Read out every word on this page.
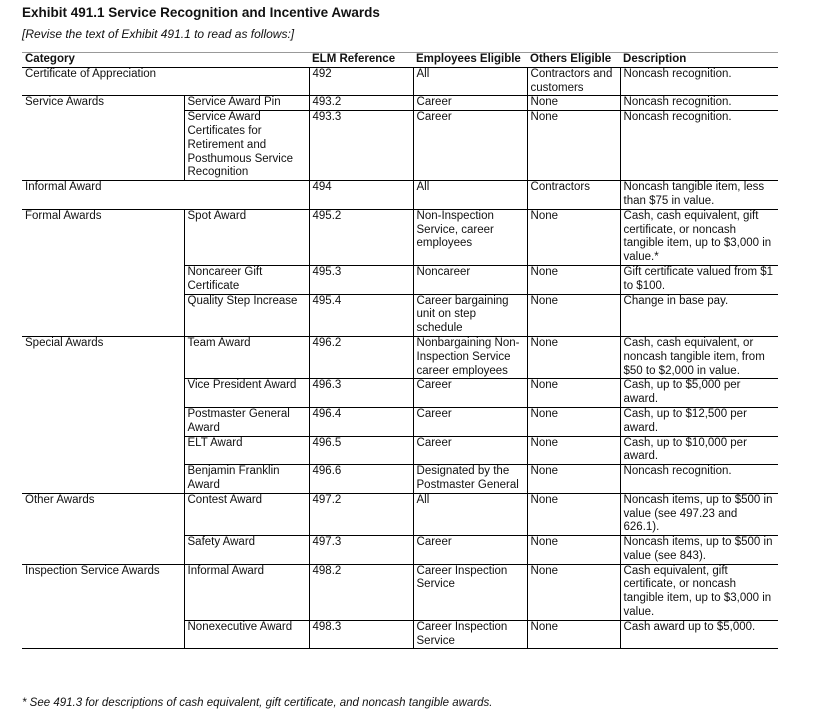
Exhibit 491.1 Service Recognition and Incentive Awards
[Revise the text of Exhibit 491.1 to read as follows:]
Category		ELM Reference	Employees Eligible	Others Eligible	Description
Certificate of Appreciation		492	All	Contractors and customers	Noncash recognition.
Service Awards	Service Award Pin	493.2	Career	None	Noncash recognition.
	Service Award Certificates for Retirement and Posthumous Service Recognition	493.3	Career	None	Noncash recognition.
Informal Award		494	All	Contractors	Noncash tangible item, less than $75 in value.
Formal Awards	Spot Award	495.2	Non-Inspection Service, career employees	None	Cash, cash equivalent, gift certificate, or noncash tangible item, up to $3,000 in value.*
	Noncareer Gift Certificate	495.3	Noncareer	None	Gift certificate valued from $1 to $100.
	Quality Step Increase	495.4	Career bargaining unit on step schedule	None	Change in base pay.
Special Awards	Team Award	496.2	Nonbargaining Non-Inspection Service career employees	None	Cash, cash equivalent, or noncash tangible item, from $50 to $2,000 in value.
	Vice President Award	496.3	Career	None	Cash, up to $5,000 per award.
	Postmaster General Award	496.4	Career	None	Cash, up to $12,500 per award.
	ELT Award	496.5	Career	None	Cash, up to $10,000 per award.
	Benjamin Franklin Award	496.6	Designated by the Postmaster General	None	Noncash recognition.
Other Awards	Contest Award	497.2	All	None	Noncash items, up to $500 in value (see 497.23 and 626.1).
	Safety Award	497.3	Career	None	Noncash items, up to $500 in value (see 843).
Inspection Service Awards	Informal Award	498.2	Career Inspection Service	None	Cash equivalent, gift certificate, or noncash tangible item, up to $3,000 in value.
	Nonexecutive Award	498.3	Career Inspection Service	None	Cash award up to $5,000.
* See 491.3 for descriptions of cash equivalent, gift certificate, and noncash tangible awards.
